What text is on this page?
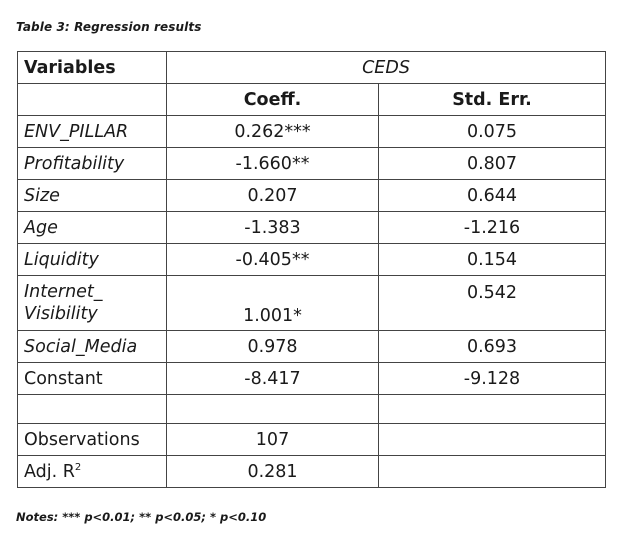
Table 3: Regression results
Variables	CEDS	
	Coeff.	Std. Err.
ENV_PILLAR	0.262***	0.075
Profitability	-1.660**	0.807
Size	0.207	0.644
Age	-1.383	-1.216
Liquidity	-0.405**	0.154
Internet_
Visibility	1.001*	0.542
Social_Media	0.978	0.693
Constant	-8.417	-9.128

Observations	107	
Adj. $R^2$	0.281	
Notes: *** p<0.01; ** p<0.05; * p<0.10
